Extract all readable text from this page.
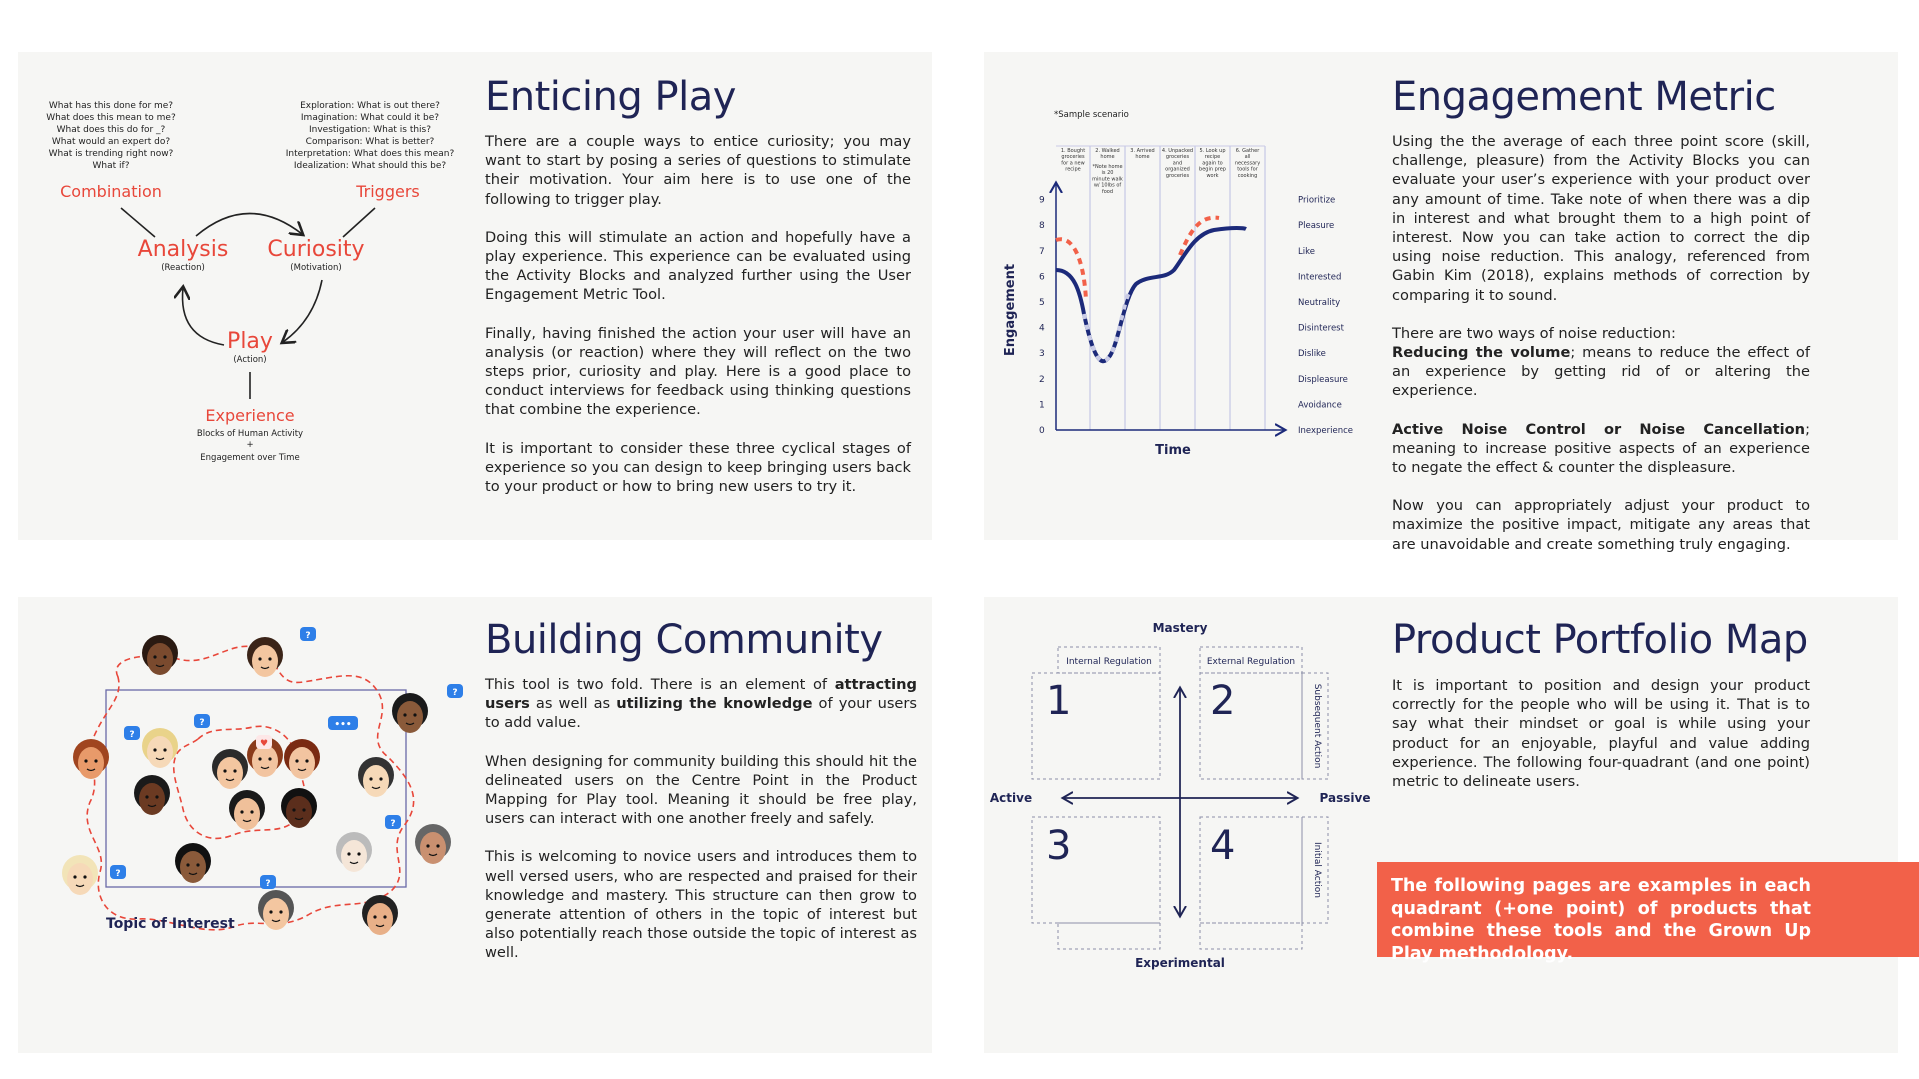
What has this done for me?
What does this mean to me?
What does this do for _?
What would an expert do?
What is trending right now?
What if?
Exploration: What is out there?
Imagination: What could it be?
Investigation: What is this?
Comparison: What is better?
Interpretation: What does this mean?
Idealization: What should this be?
Combination	Triggers
Analysis
(Reaction)
Curiosity
(Motivation)
Play
(Action)
Experience
Blocks of Human Activity
+
Engagement over Time
Enticing Play

There are a couple ways to entice curiosity; you may want to start by posing a series of questions to stimulate their motivation. Your aim here is to use one of the following to trigger play.

Doing this will stimulate an action and hopefully have a play experience. This experience can be evaluated using the Activity Blocks and analyzed further using the User Engagement Metric Tool.

Finally, having finished the action your user will have an analysis (or reaction) where they will reflect on the two steps prior, curiosity and play. Here is a good place to conduct interviews for feedback using thinking questions that combine the experience.

It is important to consider these three cyclical stages of experience so you can design to keep bringing users back to your product or how to bring new users to try it.

*Sample scenario
1. Bought
groceries
for a new
recipe
2. Walked
home
*Note home
is 20
minute walk
w/ 10lbs of
food
3. Arrived
home
4. Unpacked
groceries
and
organized
groceries
5. Look up
recipe
again to
begin prep
work
6. Gather
all
necessary
tools for
cooking
0
1
2
3
4
5
6
7
8
9
Inexperience
Avoidance
Displeasure
Dislike
Disinterest
Neutrality
Interested
Like
Pleasure
Prioritize
Engagement
Time
Engagement Metric

Using the the average of each three point score (skill, challenge, pleasure) from the Activity Blocks you can evaluate your user’s experience with your product over any amount of time. Take note of when there was a dip in interest and what brought them to a high point of interest. Now you can take action to correct the dip using noise reduction. This analogy, referenced from Gabin Kim (2018), explains methods of correction by comparing it to sound.

There are two ways of noise reduction:

Reducing the volume; means to reduce the effect of an experience by getting rid of or altering the experience.

Active Noise Control or Noise Cancellation; meaning to increase positive aspects of an experience to negate the effect & counter the displeasure.

Now you can appropriately adjust your product to maximize the positive impact, mitigate any areas that are unavoidable and create something truly engaging.

?
?
?	•••
?
♥
?
?
?
Topic of Interest
Building Community

This tool is two fold. There is an element of attracting users as well as utilizing the knowledge of your users to add value.

When designing for community building this should hit the delineated users on the Centre Point in the Product Mapping for Play tool. Meaning it should be free play, users can interact with one another freely and safely.

This is welcoming to novice users and introduces them to well versed users, who are respected and praised for their knowledge and mastery. This structure can then grow to generate attention of others in the topic of interest but also potentially reach those outside the topic of interest as well.

Mastery
Experimental
Active	Passive
Internal Regulation	External Regulation
Subsequent Action
Initial Action
1	2
3	4
Product Portfolio Map

It is important to position and design your product correctly for the people who will be using it. That is to say what their mindset or goal is while using your product for an enjoyable, playful and value adding experience. The following four-quadrant (and one point) metric to delineate users.

The following pages are examples in each quadrant (+one point) of products that combine these tools and the Grown Up Play methodology.
